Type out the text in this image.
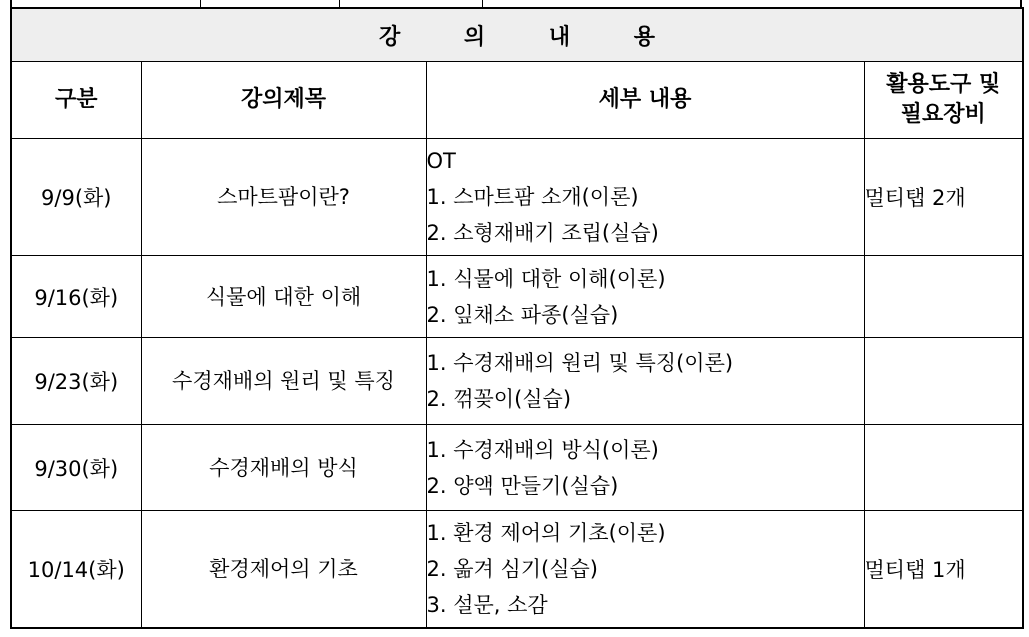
강 의 내 용			
구분	강의제목	세부 내용	활용도구 및
필요장비

9/9(화)	스마트팜이란?	OT
1. 스마트팜 소개(이론)
2. 소형재배기 조립(실습)	멀티탭 2개
9/16(화)	식물에 대한 이해	1. 식물에 대한 이해(이론)
2. 잎채소 파종(실습)	

9/23(화)	수경재배의 원리 및 특징	1. 수경재배의 원리 및 특징(이론)
2. 꺾꽂이(실습)	

9/30(화)	수경재배의 방식	1. 수경재배의 방식(이론)
2. 양액 만들기(실습)	

10/14(화)	환경제어의 기초	1. 환경 제어의 기초(이론)
2. 옮겨 심기(실습)
3. 설문, 소감	멀티탭 1개
